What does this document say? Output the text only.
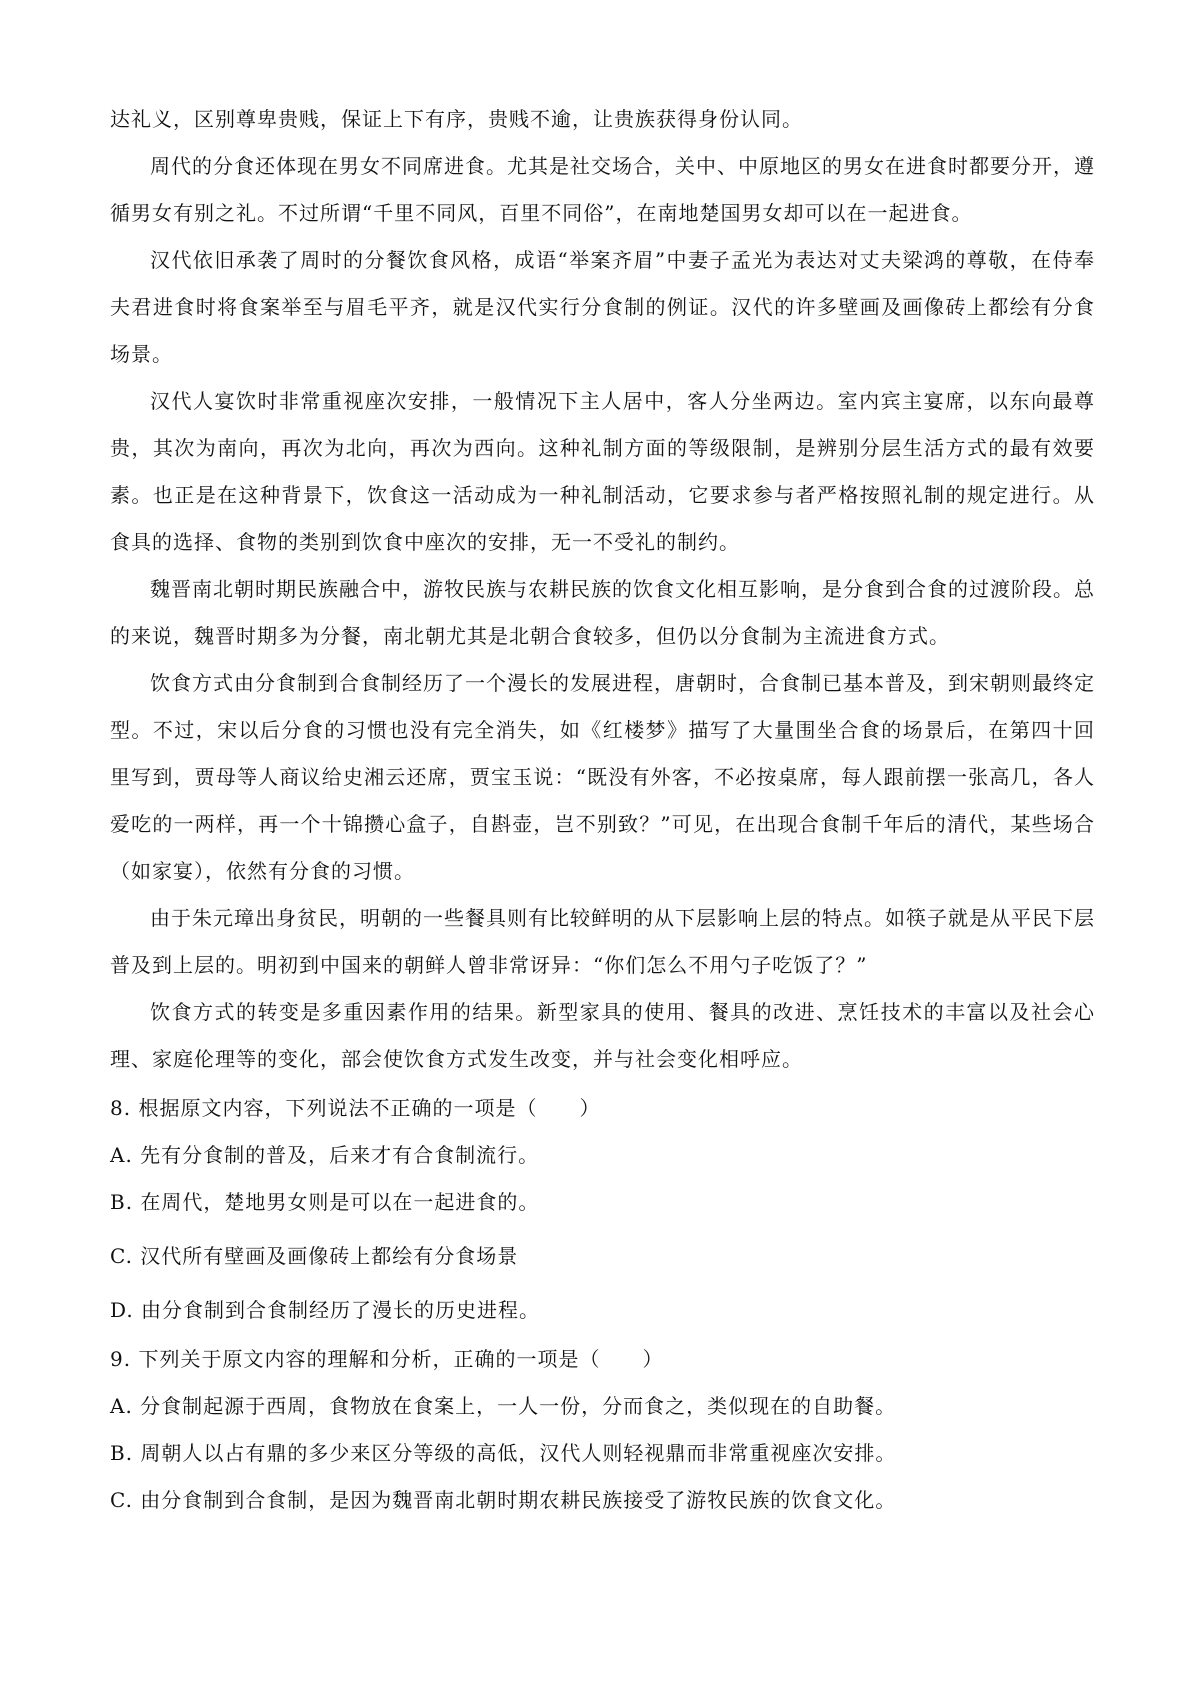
达礼义，区别尊卑贵贱，保证上下有序，贵贱不逾，让贵族获得身份认同。

周代的分食还体现在男女不同席进食。尤其是社交场合，关中、中原地区的男女在进食时都要分开，遵循男女有别之礼。不过所谓“千里不同风，百里不同俗”，在南地楚国男女却可以在一起进食。

汉代依旧承袭了周时的分餐饮食风格，成语“举案齐眉”中妻子孟光为表达对丈夫梁鸿的尊敬，在侍奉夫君进食时将食案举至与眉毛平齐，就是汉代实行分食制的例证。汉代的许多壁画及画像砖上都绘有分食场景。

汉代人宴饮时非常重视座次安排，一般情况下主人居中，客人分坐两边。室内宾主宴席，以东向最尊贵，其次为南向，再次为北向，再次为西向。这种礼制方面的等级限制，是辨别分层生活方式的最有效要素。也正是在这种背景下，饮食这一活动成为一种礼制活动，它要求参与者严格按照礼制的规定进行。从食具的选择、食物的类别到饮食中座次的安排，无一不受礼的制约。

魏晋南北朝时期民族融合中，游牧民族与农耕民族的饮食文化相互影响，是分食到合食的过渡阶段。总的来说，魏晋时期多为分餐，南北朝尤其是北朝合食较多，但仍以分食制为主流进食方式。

饮食方式由分食制到合食制经历了一个漫长的发展进程，唐朝时，合食制已基本普及，到宋朝则最终定型。不过，宋以后分食的习惯也没有完全消失，如《红楼梦》描写了大量围坐合食的场景后，在第四十回里写到，贾母等人商议给史湘云还席，贾宝玉说：“既没有外客，不必按桌席，每人跟前摆一张高几，各人爱吃的一两样，再一个十锦攒心盒子，自斟壶，岂不别致？”可见，在出现合食制千年后的清代，某些场合（如家宴），依然有分食的习惯。

由于朱元璋出身贫民，明朝的一些餐具则有比较鲜明的从下层影响上层的特点。如筷子就是从平民下层普及到上层的。明初到中国来的朝鲜人曾非常讶异：“你们怎么不用勺子吃饭了？”

饮食方式的转变是多重因素作用的结果。新型家具的使用、餐具的改进、烹饪技术的丰富以及社会心理、家庭伦理等的变化，部会使饮食方式发生改变，并与社会变化相呼应。

8. 根据原文内容，下列说法不正确的一项是（　　）

A. 先有分食制的普及，后来才有合食制流行。

B. 在周代，楚地男女则是可以在一起进食的。

C. 汉代所有壁画及画像砖上都绘有分食场景

D. 由分食制到合食制经历了漫长的历史进程。

9. 下列关于原文内容的理解和分析，正确的一项是（　　）

A. 分食制起源于西周，食物放在食案上，一人一份，分而食之，类似现在的自助餐。

B. 周朝人以占有鼎的多少来区分等级的高低，汉代人则轻视鼎而非常重视座次安排。

C. 由分食制到合食制，是因为魏晋南北朝时期农耕民族接受了游牧民族的饮食文化。
